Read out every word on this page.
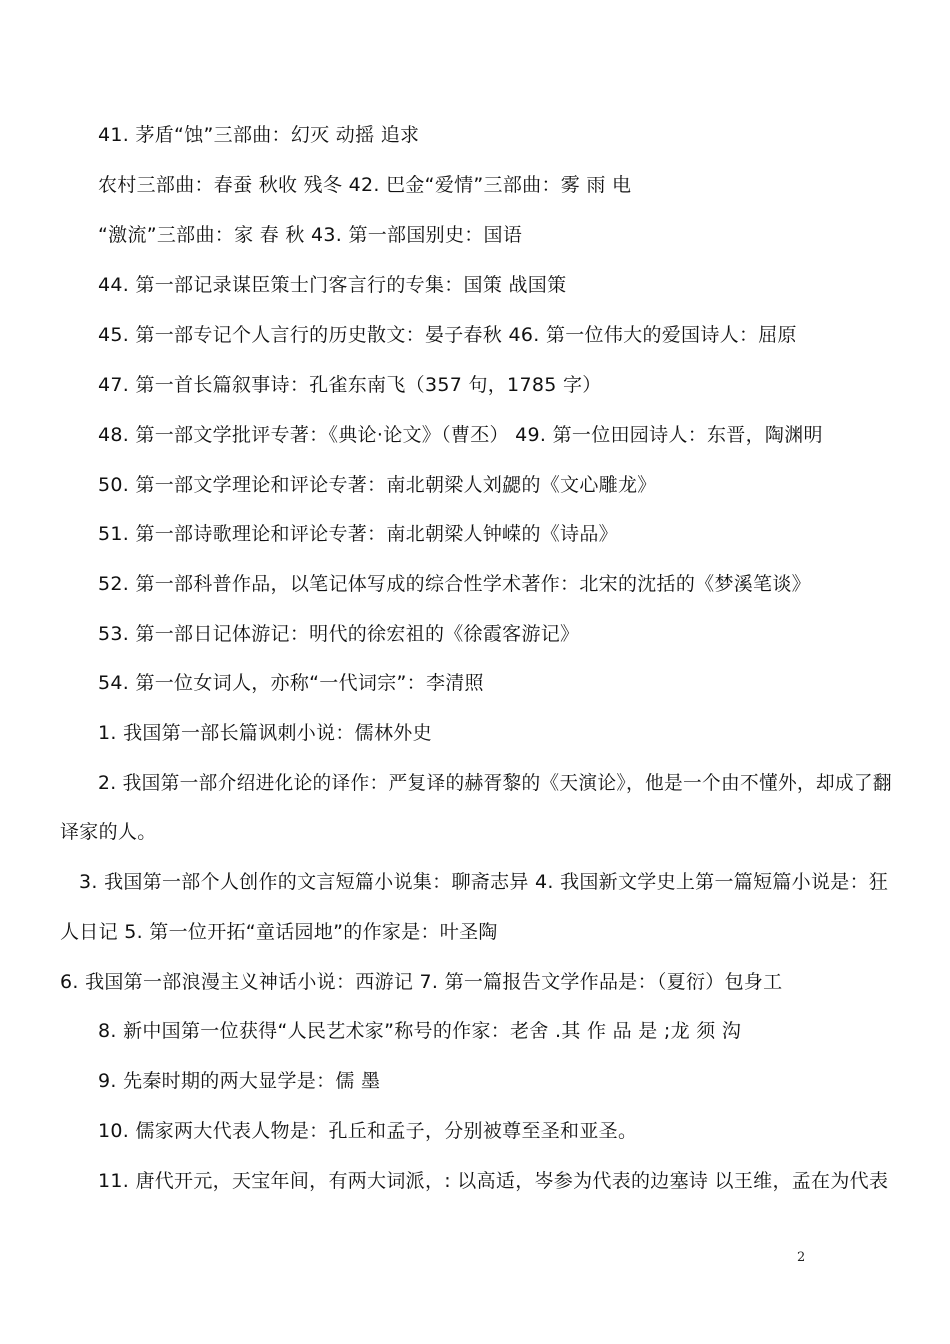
41. 茅盾“蚀”三部曲：幻灭 动摇 追求
农村三部曲：春蚕 秋收 残冬 42. 巴金“爱情”三部曲：雾 雨 电
“激流”三部曲：家 春 秋 43. 第一部国别史：国语
44. 第一部记录谋臣策士门客言行的专集：国策 战国策
45. 第一部专记个人言行的历史散文：晏子春秋 46. 第一位伟大的爱国诗人：屈原
47. 第一首长篇叙事诗：孔雀东南飞（357 句，1785 字）
48. 第一部文学批评专著：《典论·论文》（曹丕） 49. 第一位田园诗人：东晋，陶渊明
50. 第一部文学理论和评论专著：南北朝梁人刘勰的《文心雕龙》
51. 第一部诗歌理论和评论专著：南北朝梁人钟嵘的《诗品》
52. 第一部科普作品，以笔记体写成的综合性学术著作：北宋的沈括的《梦溪笔谈》
53. 第一部日记体游记：明代的徐宏祖的《徐霞客游记》
54. 第一位女词人，亦称“一代词宗”：李清照
1. 我国第一部长篇讽刺小说：儒林外史
2. 我国第一部介绍进化论的译作：严复译的赫胥黎的《天演论》，他是一个由不懂外，却成了翻
译家的人。
3. 我国第一部个人创作的文言短篇小说集：聊斋志异 4. 我国新文学史上第一篇短篇小说是：狂
人日记 5. 第一位开拓“童话园地”的作家是：叶圣陶
6. 我国第一部浪漫主义神话小说：西游记 7. 第一篇报告文学作品是：（夏衍）包身工
8. 新中国第一位获得“人民艺术家”称号的作家：老舍 .其 作 品 是 ;龙 须 沟
9. 先秦时期的两大显学是：儒 墨
10. 儒家两大代表人物是：孔丘和孟子，分别被尊至圣和亚圣。
11. 唐代开元，天宝年间，有两大词派，: 以高适，岑参为代表的边塞诗 以王维，孟在为代表
2
